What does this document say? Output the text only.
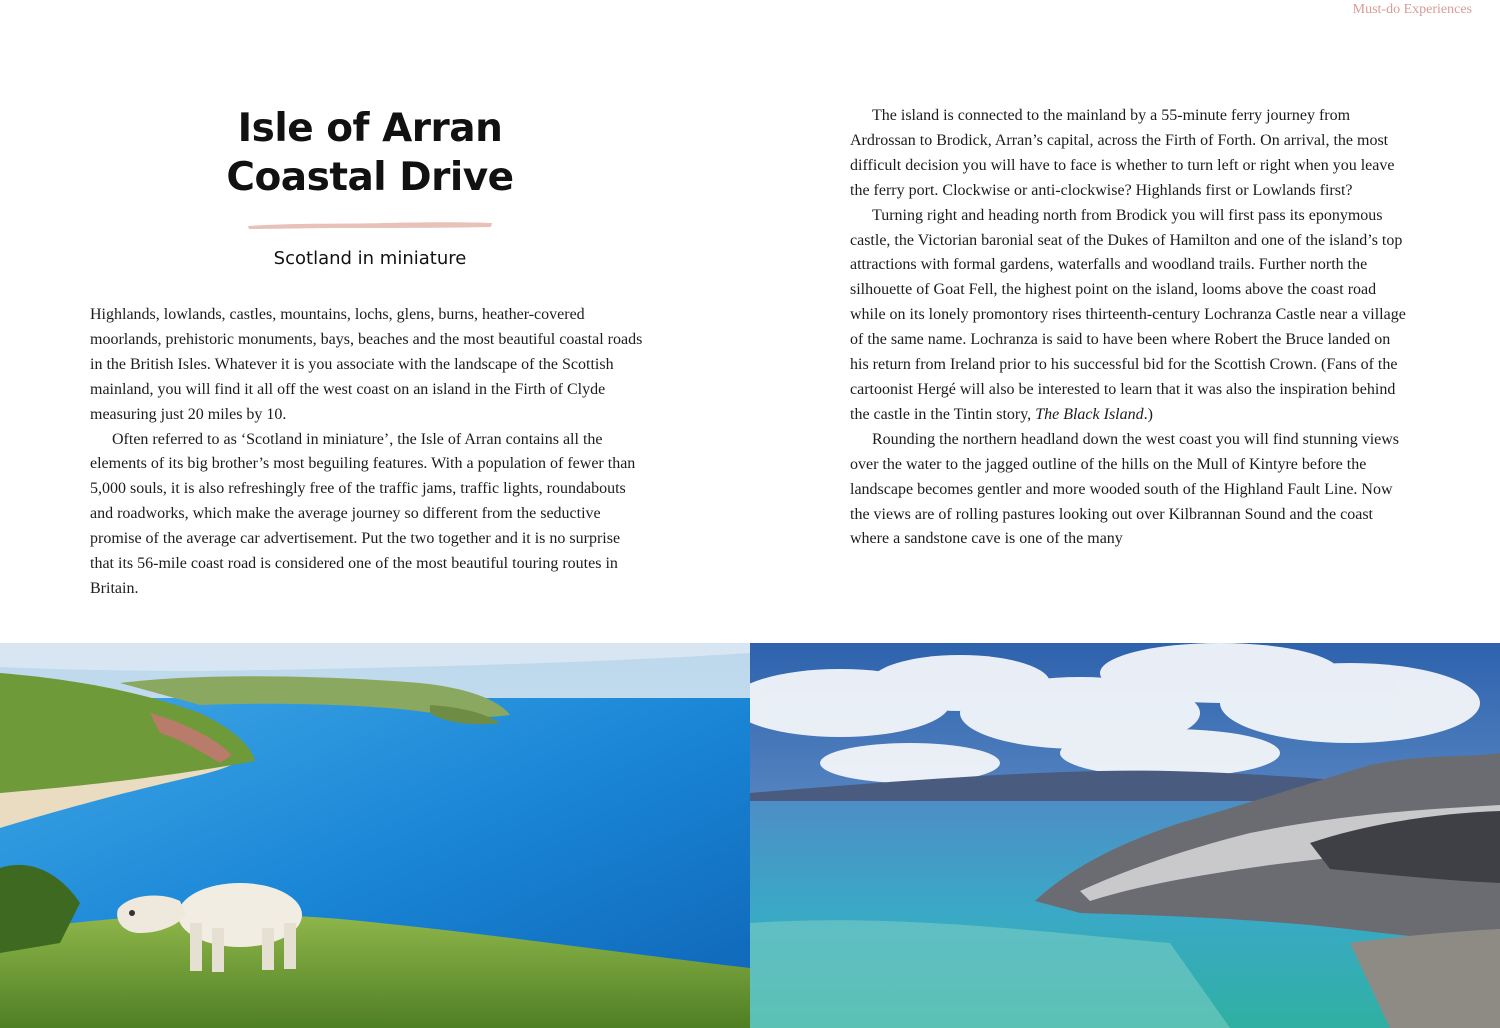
Must-do Experiences
Isle of Arran
Coastal Drive
Scotland in miniature

Highlands, lowlands, castles, mountains, lochs, glens, burns, heather-covered moorlands, prehistoric monuments, bays, beaches and the most beautiful coastal roads in the British Isles. Whatever it is you associate with the landscape of the Scottish mainland, you will find it all off the west coast on an island in the Firth of Clyde measuring just 20 miles by 10.

Often referred to as ‘Scotland in miniature’, the Isle of Arran contains all the elements of its big brother’s most beguiling features. With a population of fewer than 5,000 souls, it is also refreshingly free of the traffic jams, traffic lights, roundabouts and roadworks, which make the average journey so different from the seductive promise of the average car advertisement. Put the two together and it is no surprise that its 56-mile coast road is considered one of the most beautiful touring routes in Britain.

The island is connected to the mainland by a 55-minute ferry journey from Ardrossan to Brodick, Arran’s capital, across the Firth of Forth. On arrival, the most difficult decision you will have to face is whether to turn left or right when you leave the ferry port. Clockwise or anti-clockwise? Highlands first or Lowlands first?

Turning right and heading north from Brodick you will first pass its eponymous castle, the Victorian baronial seat of the Dukes of Hamilton and one of the island’s top attractions with formal gardens, waterfalls and woodland trails. Further north the silhouette of Goat Fell, the highest point on the island, looms above the coast road while on its lonely promontory rises thirteenth-century Lochranza Castle near a village of the same name. Lochranza is said to have been where Robert the Bruce landed on his return from Ireland prior to his successful bid for the Scottish Crown. (Fans of the cartoonist Hergé will also be interested to learn that it was also the inspiration behind the castle in the Tintin story, The Black Island.)

Rounding the northern headland down the west coast you will find stunning views over the water to the jagged outline of the hills on the Mull of Kintyre before the landscape becomes gentler and more wooded south of the Highland Fault Line. Now the views are of rolling pastures looking out over Kilbrannan Sound and the coast where a sandstone cave is one of the many
